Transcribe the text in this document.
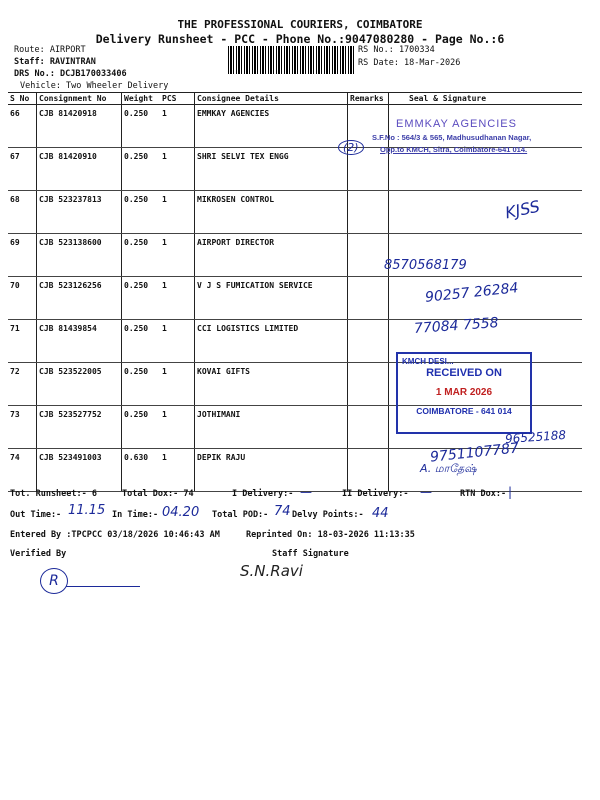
THE PROFESSIONAL COURIERS, COIMBATORE
Delivery Runsheet - PCC - Phone No.:9047080280 - Page No.:6
Route: AIRPORT
Staff: RAVINTRAN
DRS No.: DCJB170033406
Vehicle: Two Wheeler Delivery
RS No.: 1700334
RS Date: 18-Mar-2026
S No	Consignment No	Weight	PCS	Consignee Details	Remarks	Seal & Signature
66	CJB 81420918	0.250	1	EMMKAY AGENCIES		
67	CJB 81420910	0.250	1	SHRI SELVI TEX ENGG		
68	CJB 523237813	0.250	1	MIKROSEN CONTROL		
69	CJB 523138600	0.250	1	AIRPORT DIRECTOR		
70	CJB 523126256	0.250	1	V J S FUMICATION SERVICE		
71	CJB 81439854	0.250	1	CCI LOGISTICS LIMITED		
72	CJB 523522005	0.250	1	KOVAI GIFTS		
73	CJB 523527752	0.250	1	JOTHIMANI		
74	CJB 523491003	0.630	1	DEPIK RAJU		
EMMKAY AGENCIES
S.F.No : 564/3 & 565, Madhusudhanan Nagar,
Opp.to KMCH, Sitra, Coimbatore-641 014.
KMCH DESI...
RECEIVED ON
1 MAR 2026
COIMBATORE - 641 014
(2)
KJSS
8570568179
90257 26284
77084 7558
96525188
9751107787
A. மாதேஷ்
Tot. Runsheet:- 6	Total Dox:- 74	I Delivery:- —	II Delivery:- —	RTN Dox:- |
Out Time:- 11.15 In Time:- 04.20 Total POD:- 74 Delvy Points:- 44
Entered By :TPCPCC 03/18/2026 10:46:43 AM	Reprinted On: 18-03-2026 11:13:35
Verified By	Staff Signature
R
S.N.Ravi
